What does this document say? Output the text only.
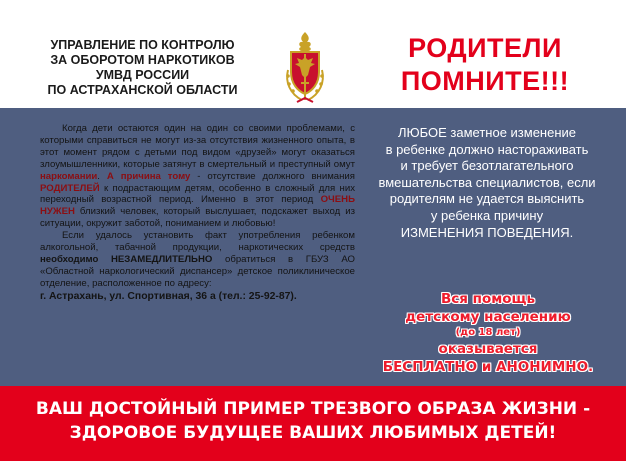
УПРАВЛЕНИЕ ПО КОНТРОЛЮ
ЗА ОБОРОТОМ НАРКОТИКОВ
УМВД РОССИИ
ПО АСТРАХАНСКОЙ ОБЛАСТИ
РОДИТЕЛИ
ПОМНИТЕ!!!

Когда дети остаются один на один со своими проблемами, с которыми справиться не могут из-за отсутствия жизненного опыта, в этот момент рядом с детьми под видом «друзей» могут оказаться злоумышленники, которые затянут в смертельный и преступный омут наркомании. А причина тому - отсутствие должного внимания РОДИТЕЛЕЙ к подрастающим детям, особенно в сложный для них переходный возрастной период. Именно в этот период ОЧЕНЬ НУЖЕН близкий человек, который выслушает, подскажет выход из ситуации, окружит заботой, пониманием и любовью!

Если удалось установить факт употребления ребенком алкогольной, табачной продукции, наркотических средств необходимо НЕЗАМЕДЛИТЕЛЬНО обратиться в ГБУЗ АО «Областной наркологический диспансер» детское поликлиническое отделение, расположенное по адресу:

г. Астрахань, ул. Спортивная, 36 а (тел.: 25-92-87).

ЛЮБОЕ заметное изменение
в ребенке должно настораживать
и требует безотлагательного
вмешательства специалистов, если
родителям не удается выяснить
у ребенка причину
ИЗМЕНЕНИЯ ПОВЕДЕНИЯ.
Вся помощь
детскому населению
(до 18 лет)
оказывается
БЕСПЛАТНО и АНОНИМНО.
ВАШ ДОСТОЙНЫЙ ПРИМЕР ТРЕЗВОГО ОБРАЗА ЖИЗНИ -
ЗДОРОВОЕ БУДУЩЕЕ ВАШИХ ЛЮБИМЫХ ДЕТЕЙ!
